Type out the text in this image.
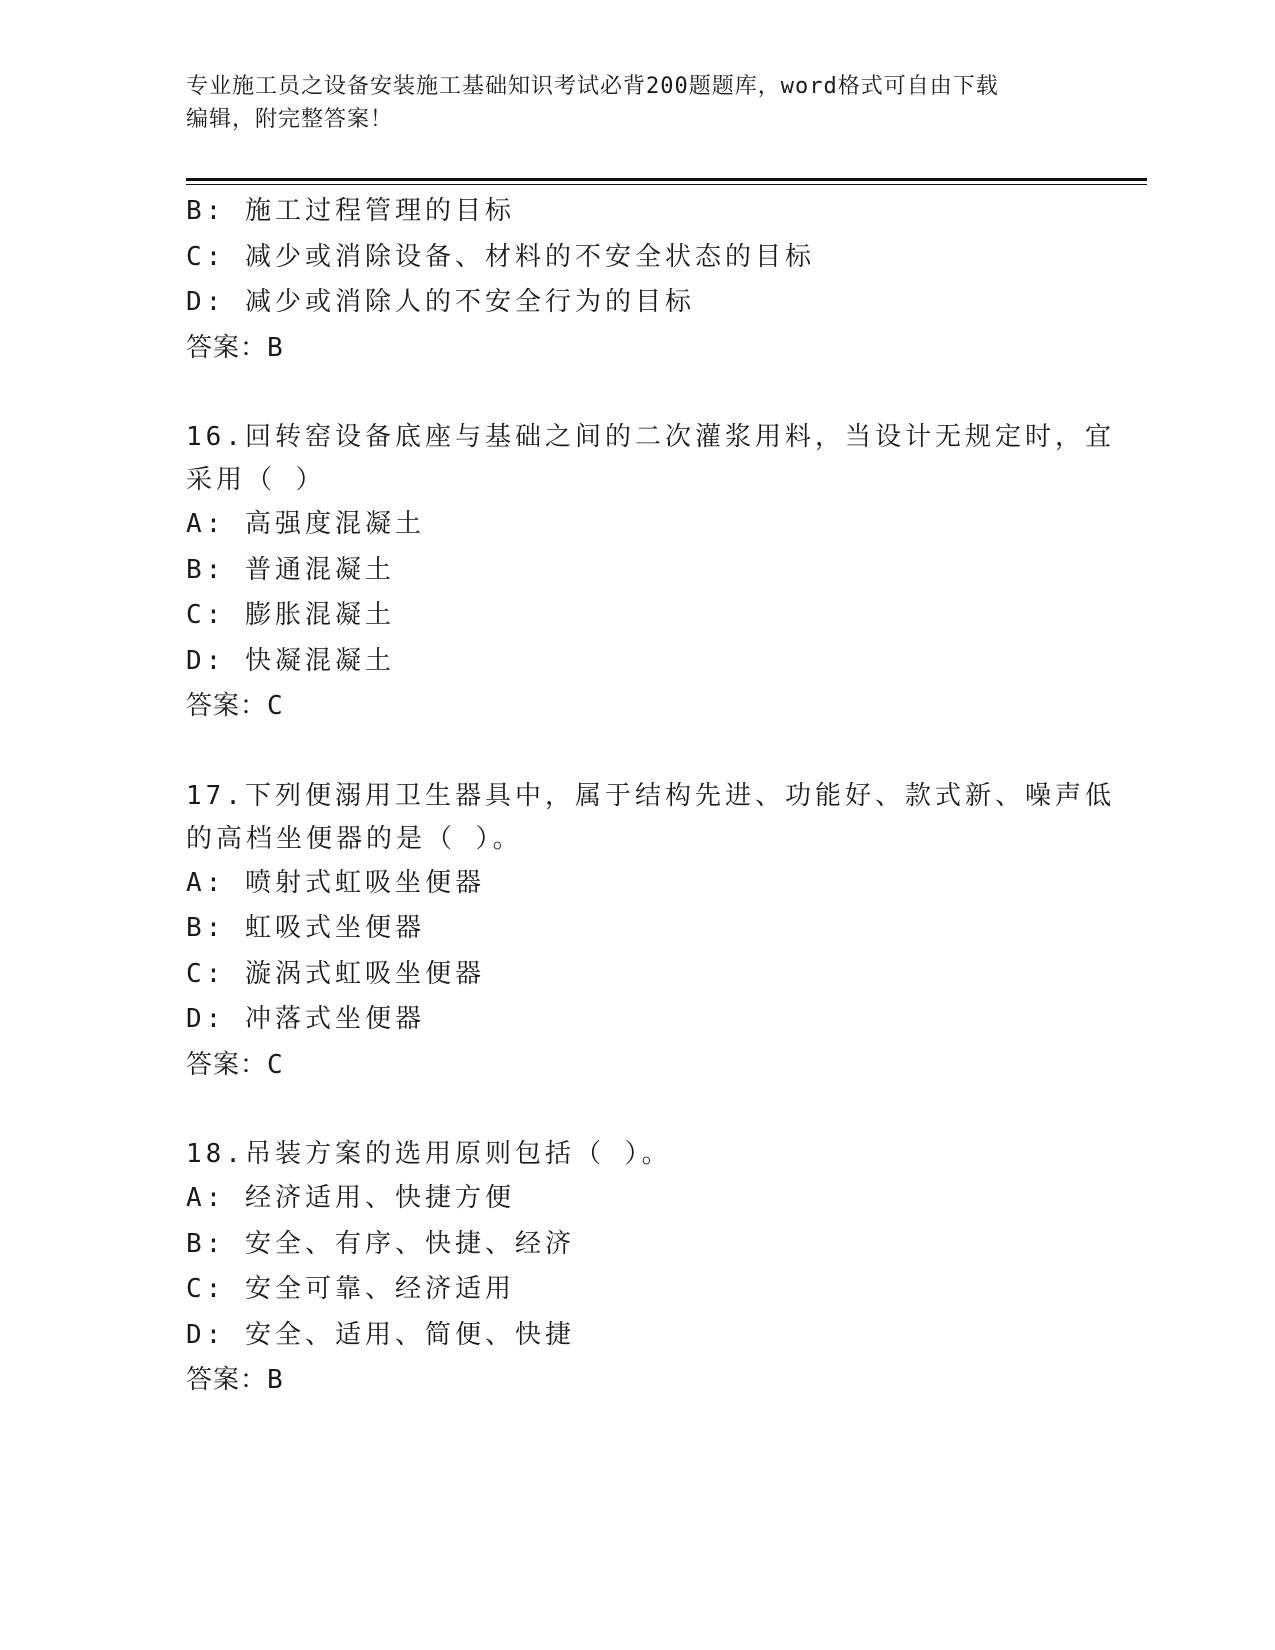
专业施工员之设备安装施工基础知识考试必背200题题库，word格式可自由下载
编辑，附完整答案！
B: 施工过程管理的目标
C: 减少或消除设备、材料的不安全状态的目标
D: 减少或消除人的不安全行为的目标
答案：B
16.回转窑设备底座与基础之间的二次灌浆用料，当设计无规定时，宜
采用（ ）
A: 高强度混凝土
B: 普通混凝土
C: 膨胀混凝土
D: 快凝混凝土
答案：C
17.下列便溺用卫生器具中，属于结构先进、功能好、款式新、噪声低
的高档坐便器的是（ ）。
A: 喷射式虹吸坐便器
B: 虹吸式坐便器
C: 漩涡式虹吸坐便器
D: 冲落式坐便器
答案：C
18.吊装方案的选用原则包括（ ）。
A: 经济适用、快捷方便
B: 安全、有序、快捷、经济
C: 安全可靠、经济适用
D: 安全、适用、简便、快捷
答案：B
